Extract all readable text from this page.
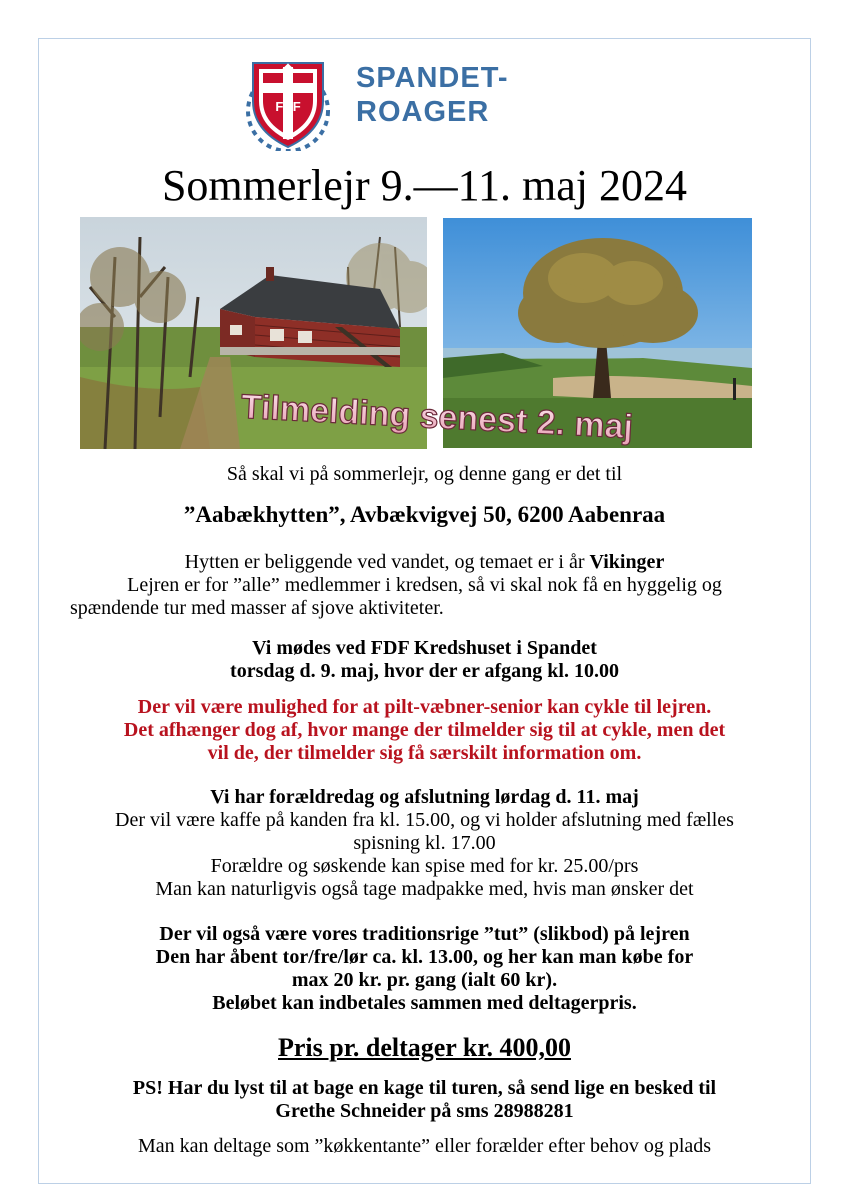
FDF
SPANDET-
ROAGER
Sommerlejr 9.—11. maj 2024
Tilmelding senest 2. maj
Så skal vi på sommerlejr, og denne gang er det til
”Aabækhytten”, Avbækvigvej 50, 6200 Aabenraa
Hytten er beliggende ved vandet, og temaet er i år Vikinger
Lejren er for ”alle” medlemmer i kredsen, så vi skal nok få en hyggelig og
spændende tur med masser af sjove aktiviteter.
Vi mødes ved FDF Kredshuset i Spandet
torsdag d. 9. maj, hvor der er afgang kl. 10.00
Der vil være mulighed for at pilt-væbner-senior kan cykle til lejren.
Det afhænger dog af, hvor mange der tilmelder sig til at cykle, men det
vil de, der tilmelder sig få særskilt information om.
Vi har forældredag og afslutning lørdag d. 11. maj
Der vil være kaffe på kanden fra kl. 15.00, og vi holder afslutning med fælles
spisning kl. 17.00
Forældre og søskende kan spise med for kr. 25.00/prs
Man kan naturligvis også tage madpakke med, hvis man ønsker det
Der vil også være vores traditionsrige ”tut” (slikbod) på lejren
Den har åbent tor/fre/lør ca. kl. 13.00, og her kan man købe for
max 20 kr. pr. gang (ialt 60 kr).
Beløbet kan indbetales sammen med deltagerpris.
Pris pr. deltager kr. 400,00
PS! Har du lyst til at bage en kage til turen, så send lige en besked til
Grethe Schneider på sms 28988281
Man kan deltage som ”køkkentante” eller forælder efter behov og plads
